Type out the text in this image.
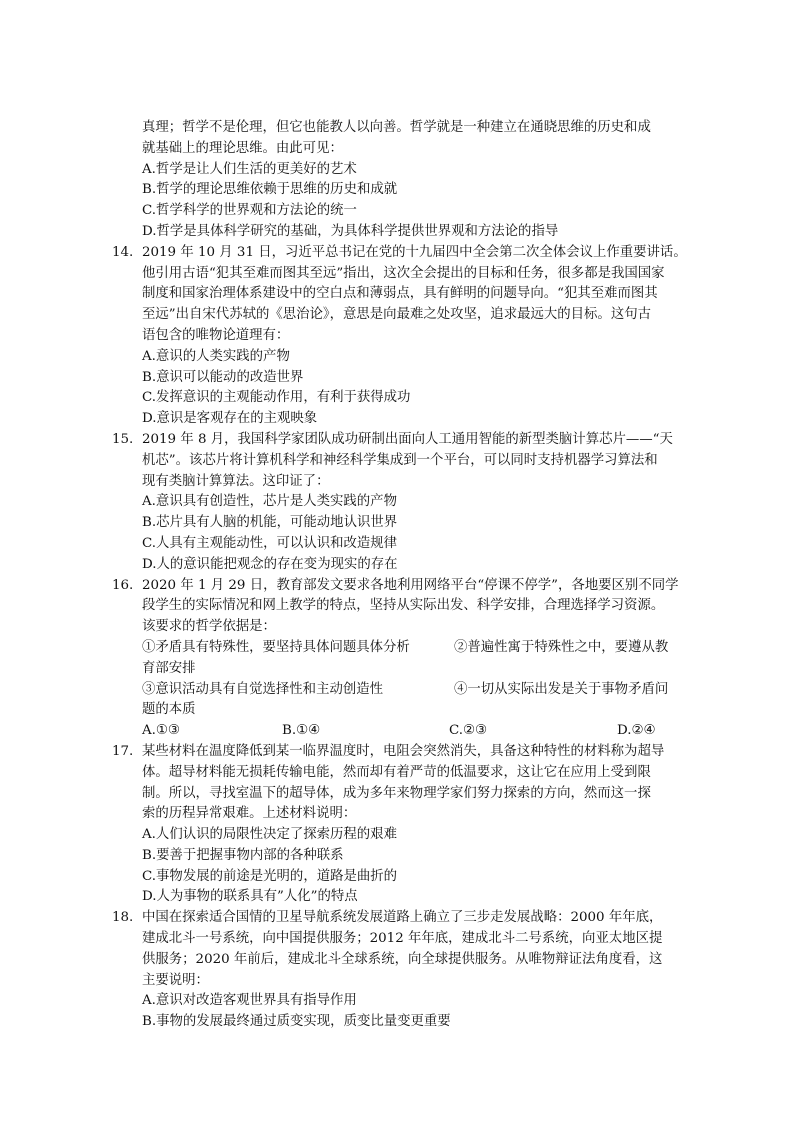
真理；哲学不是伦理，但它也能教人以向善。哲学就是一种建立在通晓思维的历史和成
就基础上的理论思维。由此可见：
A.哲学是让人们生活的更美好的艺术
B.哲学的理论思维依赖于思维的历史和成就
C.哲学科学的世界观和方法论的统一
D.哲学是具体科学研究的基础，为具体科学提供世界观和方法论的指导
14. 2019 年 10 月 31 日，习近平总书记在党的十九届四中全会第二次全体会议上作重要讲话。
他引用古语“犯其至难而图其至远”指出，这次全会提出的目标和任务，很多都是我国国家
制度和国家治理体系建设中的空白点和薄弱点，具有鲜明的问题导向。“犯其至难而图其
至远”出自宋代苏轼的《思治论》，意思是向最难之处攻坚，追求最远大的目标。这句古
语包含的唯物论道理有：
A.意识的人类实践的产物
B.意识可以能动的改造世界
C.发挥意识的主观能动作用，有利于获得成功
D.意识是客观存在的主观映象
15. 2019 年 8 月，我国科学家团队成功研制出面向人工通用智能的新型类脑计算芯片——“天
机芯”。该芯片将计算机科学和神经科学集成到一个平台，可以同时支持机器学习算法和
现有类脑计算算法。这印证了：
A.意识具有创造性，芯片是人类实践的产物
B.芯片具有人脑的机能，可能动地认识世界
C.人具有主观能动性，可以认识和改造规律
D.人的意识能把观念的存在变为现实的存在
16. 2020 年 1 月 29 日，教育部发文要求各地利用网络平台“停课不停学”，各地要区别不同学
段学生的实际情况和网上教学的特点，坚持从实际出发、科学安排，合理选择学习资源。
该要求的哲学依据是：
①矛盾具有特殊性，要坚持具体问题具体分析	②普遍性寓于特殊性之中，要遵从教
育部安排
③意识活动具有自觉选择性和主动创造性	④一切从实际出发是关于事物矛盾问
题的本质
A.①③	B.①④	C.②③	D.②④
17. 某些材料在温度降低到某一临界温度时，电阻会突然消失，具备这种特性的材料称为超导
体。超导材料能无损耗传输电能，然而却有着严苛的低温要求，这让它在应用上受到限
制。所以，寻找室温下的超导体，成为多年来物理学家们努力探索的方向，然而这一探
索的历程异常艰难。上述材料说明：
A.人们认识的局限性决定了探索历程的艰难
B.要善于把握事物内部的各种联系
C.事物发展的前途是光明的，道路是曲折的
D.人为事物的联系具有”人化”的特点
18. 中国在探索适合国情的卫星导航系统发展道路上确立了三步走发展战略：2000 年年底，
建成北斗一号系统，向中国提供服务；2012 年年底，建成北斗二号系统，向亚太地区提
供服务；2020 年前后，建成北斗全球系统，向全球提供服务。从唯物辩证法角度看，这
主要说明：
A.意识对改造客观世界具有指导作用
B.事物的发展最终通过质变实现，质变比量变更重要
